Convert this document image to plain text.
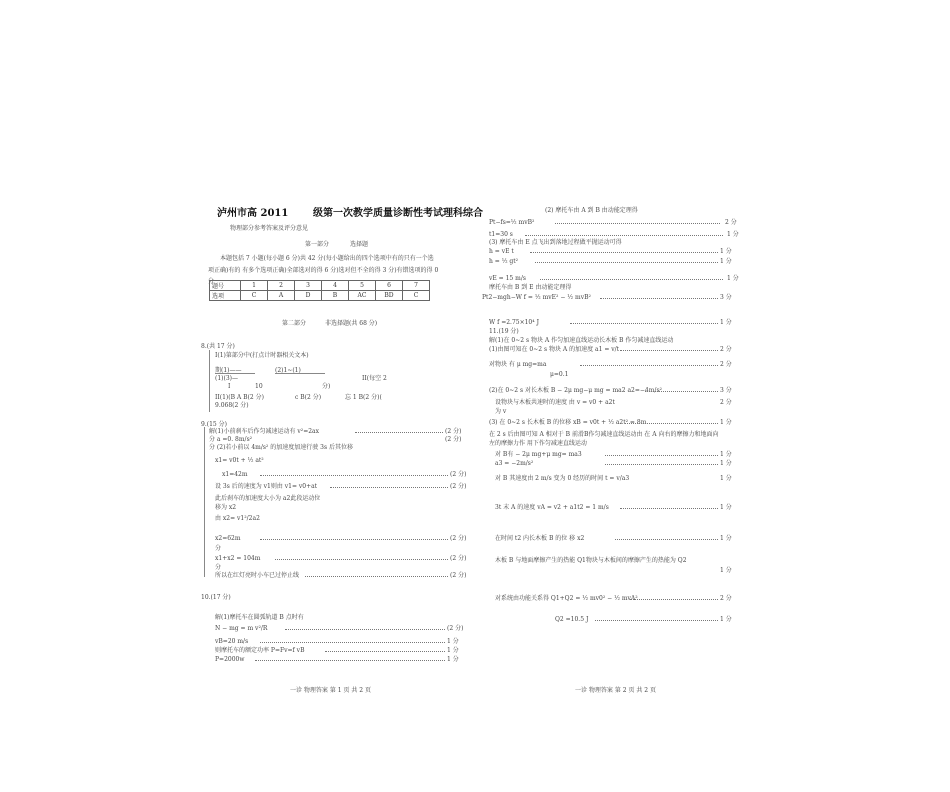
泸州市高 2011 级第一次教学质量诊断性考试理科综合
物理部分参考答案及评分意见
第一部分	选择题
本题包括 7 小题(每小题 6 分)共 42 分(每小题给出的四个选项中有的只有一个选
项正确)有的 有多个选项正确)全部选对的得 6 分)选对但不全的得 3 分)有错选项的得 0
分
题号	1	2	3	4	5	6	7
选项	C	A	D	B	AC	BD	C
第二部分	非选择题(共 68 分)
8.(共 17 分)
I(1)第部分中(打点计时器相关文本)
期(1)——	(2)1~(1)
(1)(3)—	II(每空 2
I	10	分)
II(1)(B A B(2 分)	c B(2 分)	忘 1 B(2 分)(
9.068(2 分)
9.(15 分)
解(1)小前刹车后作匀减速运动有 v²=2ax	(2 分)
分 a =0. 8m/s²	(2 分)
分 (2)若小前以 4m/s² 的加速度加速行驶 3s 后其位移
x1= v0t + ½ at²
x1=42m	(2 分)
设 3s 后的速度为 v1则由 v1= v0+at	(2 分)
此后刹车的加速度大小为 a2此段运动位
移为 x2
由 x2= v1²/2a2
x2=62m	(2 分)
分
x1+x2 = 104m	(2 分)
分
所以在红灯亮时小车已过停止线	(2 分)
10.(17 分)
解(1)摩托车在圆弧轨道 B 点时有
N − mg = m v²/R	(2 分)
vB=20 m/s	1 分
则摩托车的额定功率 P=Fv=f vB	1 分
P=2000w	1 分
一诊 物理答案 第 1 页 共 2 页
(2) 摩托车由 A 到 B 由动能定理得
Pt−fs=½ mvB²	2 分
t1=30 s	1 分
(3) 摩托车由 E 点飞出到落地过程做平抛运动可得
h = vE t	1 分
h = ½ gt²	1 分
vE = 15 m/s	1 分
摩托车由 B 到 E 由动能定理得
Pt2−mgh−W f = ½ mvE² − ½ mvB²	3 分
W f =2.75×10⁴ J	1 分
11.(19 分)
解(1)在 0~2 s 物块 A 作匀加速直线运动长木板 B 作匀减速直线运动
(1)由图可知在 0~2 s 物块 A 的加速度 a1 = v/t	2 分
对物块 有 μ mg=ma	2 分
μ=0.1
(2)在 0~2 s 对长木板 B − 2μ mg−μ mg = ma2 a2=−4m/s²	3 分
设物块与木板共速时的速度 由 v = v0 + a2t	2 分
为 v
(3) 在 0~2 s 长木板 B 的位移 xB = v0t + ½ a2t² = 8m	1 分
在 2 s 后由图可知 A 相对于 B 前滑B作匀减速直线运动由 在 A 向右的摩擦力和地面向
左的摩擦力作 用下作匀减速直线运动
对 B有 − 2μ mg+μ mg= ma3	1 分
a3 = −2m/s²	1 分
对 B 其速度由 2 m/s 变为 0 经历的时间 t = v/a3	1 分
3t 末 A 的速度 vA = v2 + a1t2 = 1 m/s	1 分
在时间 t2 内长木板 B 的位 移 x2	1 分
木板 B 与地面摩擦产生的热能 Q1物块与木板间的摩擦产生的热能为 Q2
1 分
对系统由功能关系得 Q1+Q2 = ½ mv0² − ½ mvA²	2 分
Q2 =10.5 J	1 分
一诊 物理答案 第 2 页 共 2 页
